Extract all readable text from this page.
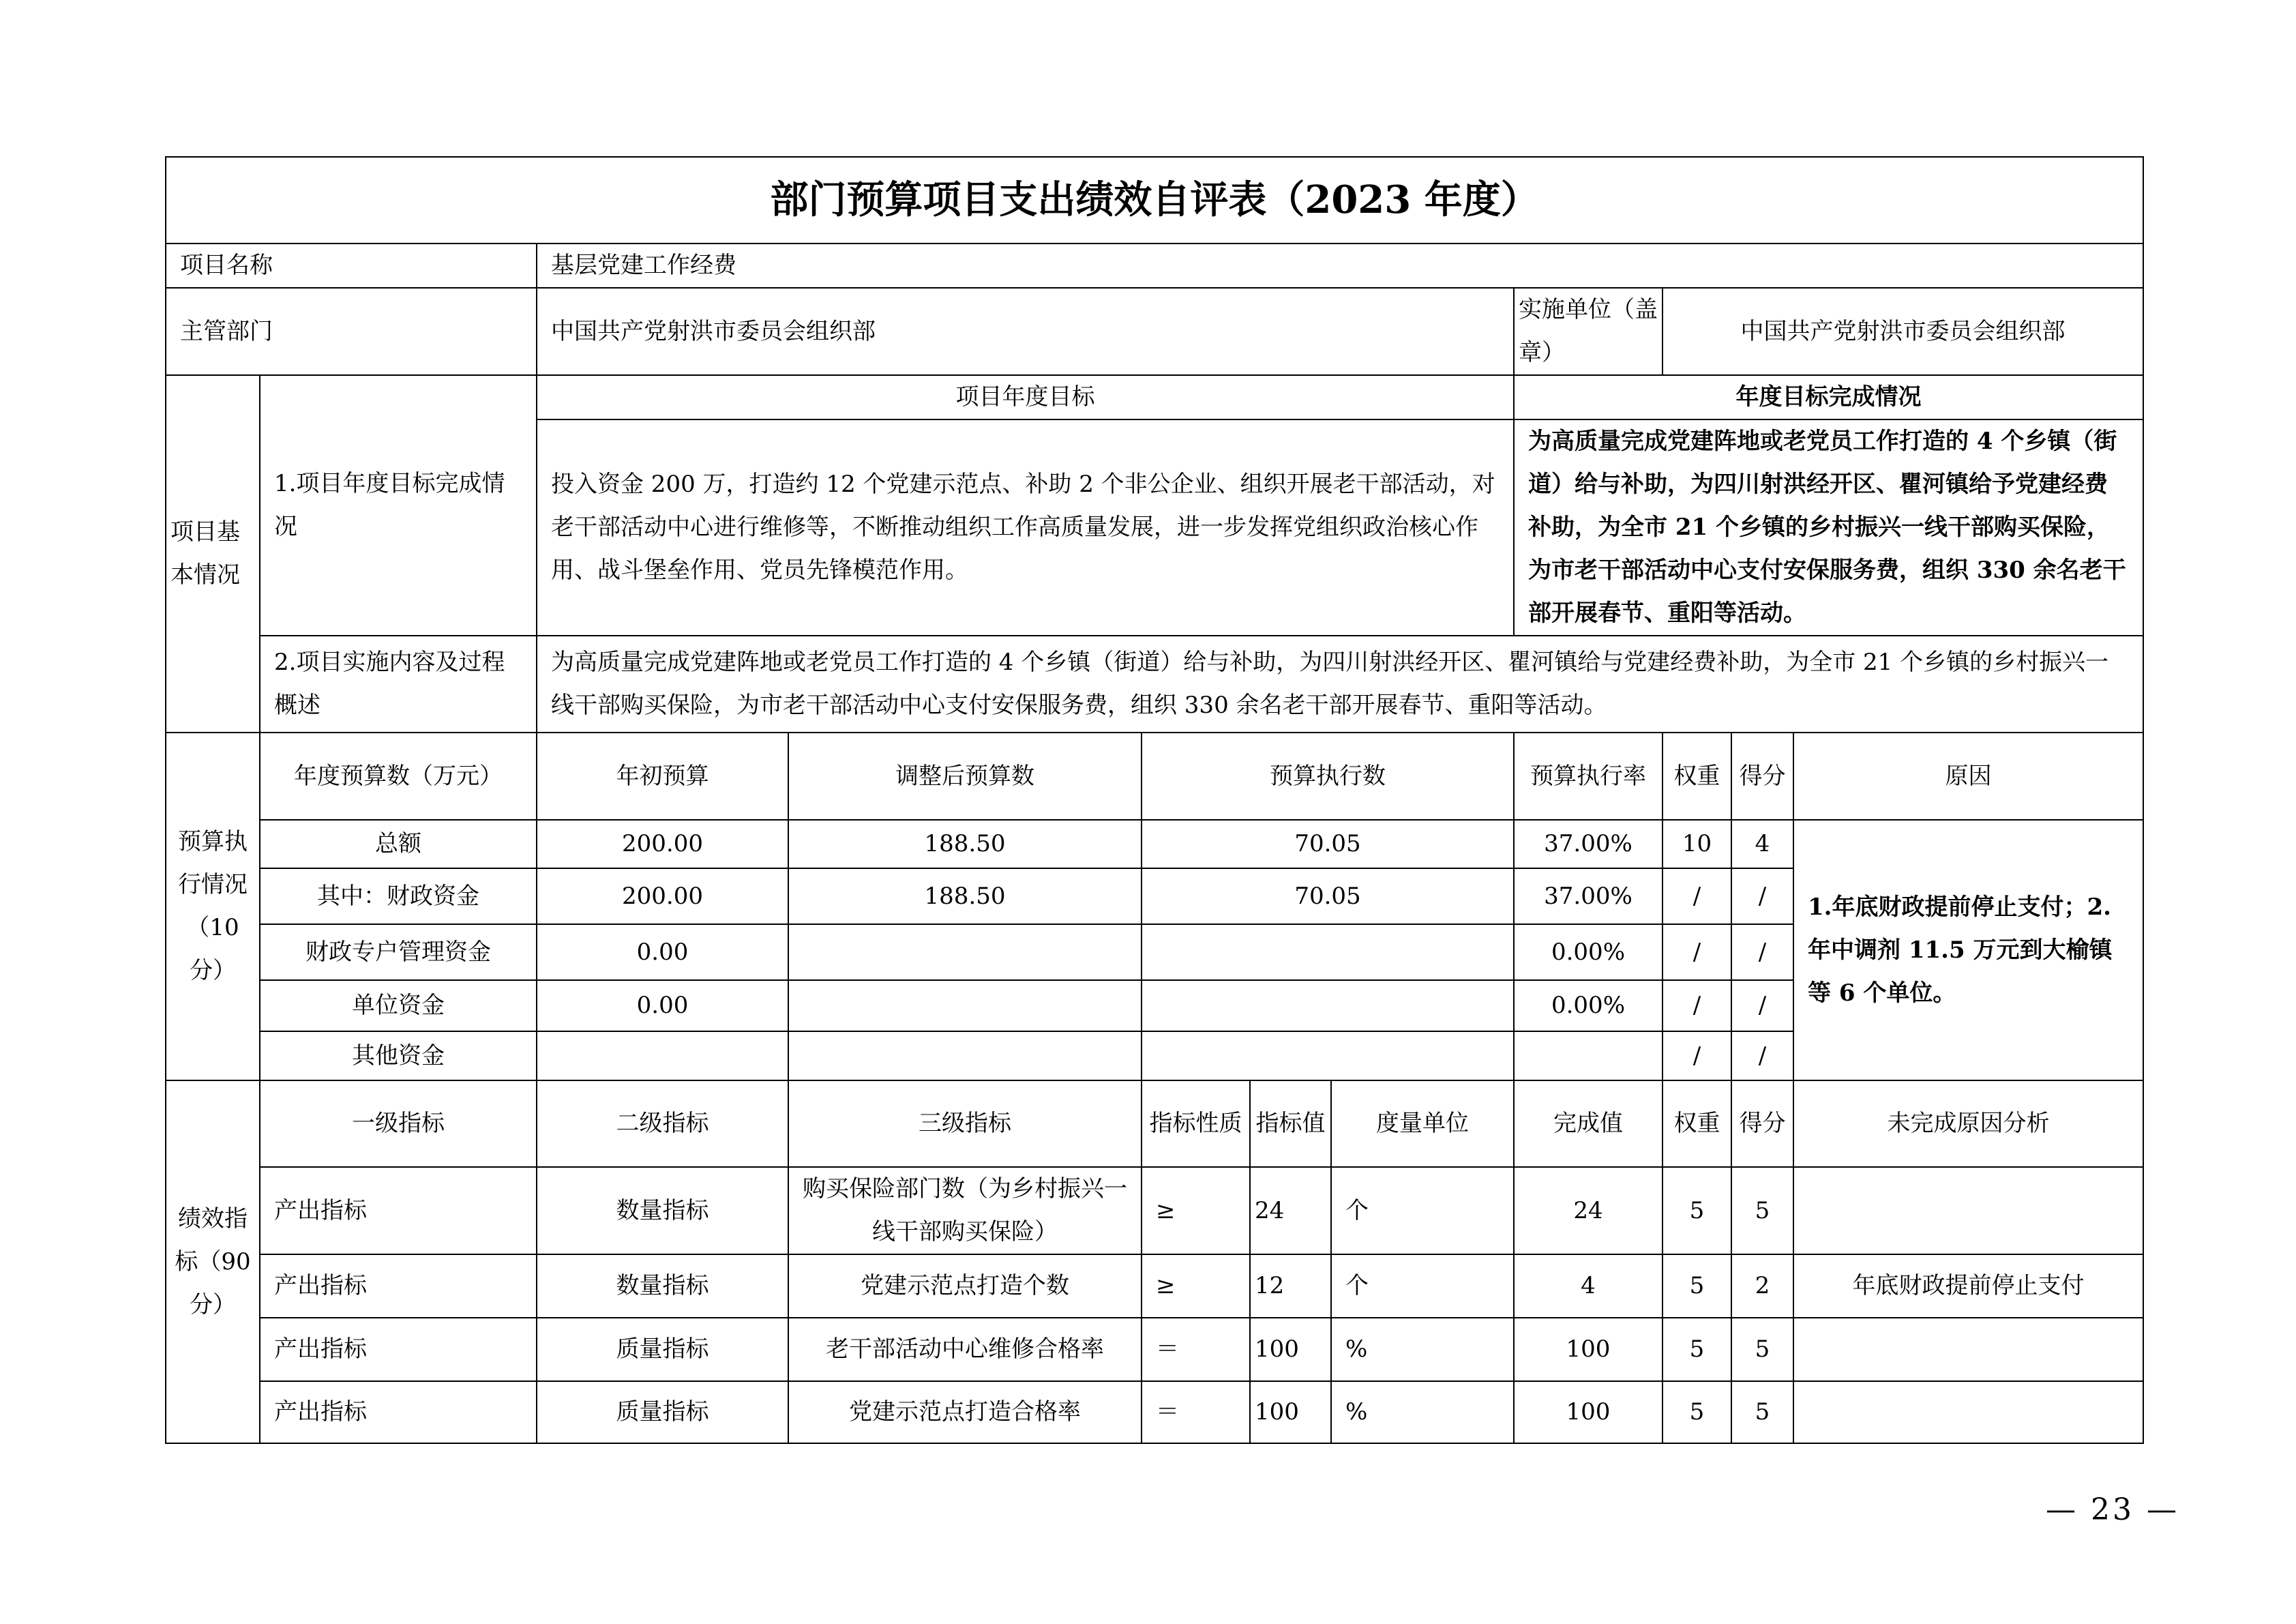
部门预算项目支出绩效自评表（2023 年度）										
项目名称		基层党建工作经费								
主管部门		中国共产党射洪市委员会组织部					实施单位（盖章）	中国共产党射洪市委员会组织部		
项目基本情况	1.项目年度目标完成情况	项目年度目标					年度目标完成情况			
		投入资金 200 万，打造约 12 个党建示范点、补助 2 个非公企业、组织开展老干部活动，对老干部活动中心进行维修等，不断推动组织工作高质量发展，进一步发挥党组织政治核心作用、战斗堡垒作用、党员先锋模范作用。					为高质量完成党建阵地或老党员工作打造的 4 个乡镇（街道）给与补助，为四川射洪经开区、瞿河镇给予党建经费补助，为全市 21 个乡镇的乡村振兴一线干部购买保险，为市老干部活动中心支付安保服务费，组织 330 余名老干部开展春节、重阳等活动。			
	2.项目实施内容及过程概述	为高质量完成党建阵地或老党员工作打造的 4 个乡镇（街道）给与补助，为四川射洪经开区、瞿河镇给与党建经费补助，为全市 21 个乡镇的乡村振兴一线干部购买保险，为市老干部活动中心支付安保服务费，组织 330 余名老干部开展春节、重阳等活动。								
预算执行情况（10分）	年度预算数（万元）	年初预算	调整后预算数	预算执行数			预算执行率	权重	得分	原因
	总额	200.00	188.50	70.05			37.00%	10	4	1.年底财政提前停止支付；2.年中调剂 11.5 万元到大榆镇等 6 个单位。
	其中：财政资金	200.00	188.50	70.05			37.00%	/	/	
	财政专户管理资金	0.00					0.00%	/	/	
	单位资金	0.00					0.00%	/	/	
	其他资金							/	/	
绩效指标（90分）	一级指标	二级指标	三级指标	指标性质	指标值	度量单位	完成值	权重	得分	未完成原因分析
	产出指标	数量指标	购买保险部门数（为乡村振兴一线干部购买保险）	≥	24	个	24	5	5	
	产出指标	数量指标	党建示范点打造个数	≥	12	个	4	5	2	年底财政提前停止支付
	产出指标	质量指标	老干部活动中心维修合格率	＝	100	%	100	5	5	
	产出指标	质量指标	党建示范点打造合格率	＝	100	%	100	5	5	
— 23 —
